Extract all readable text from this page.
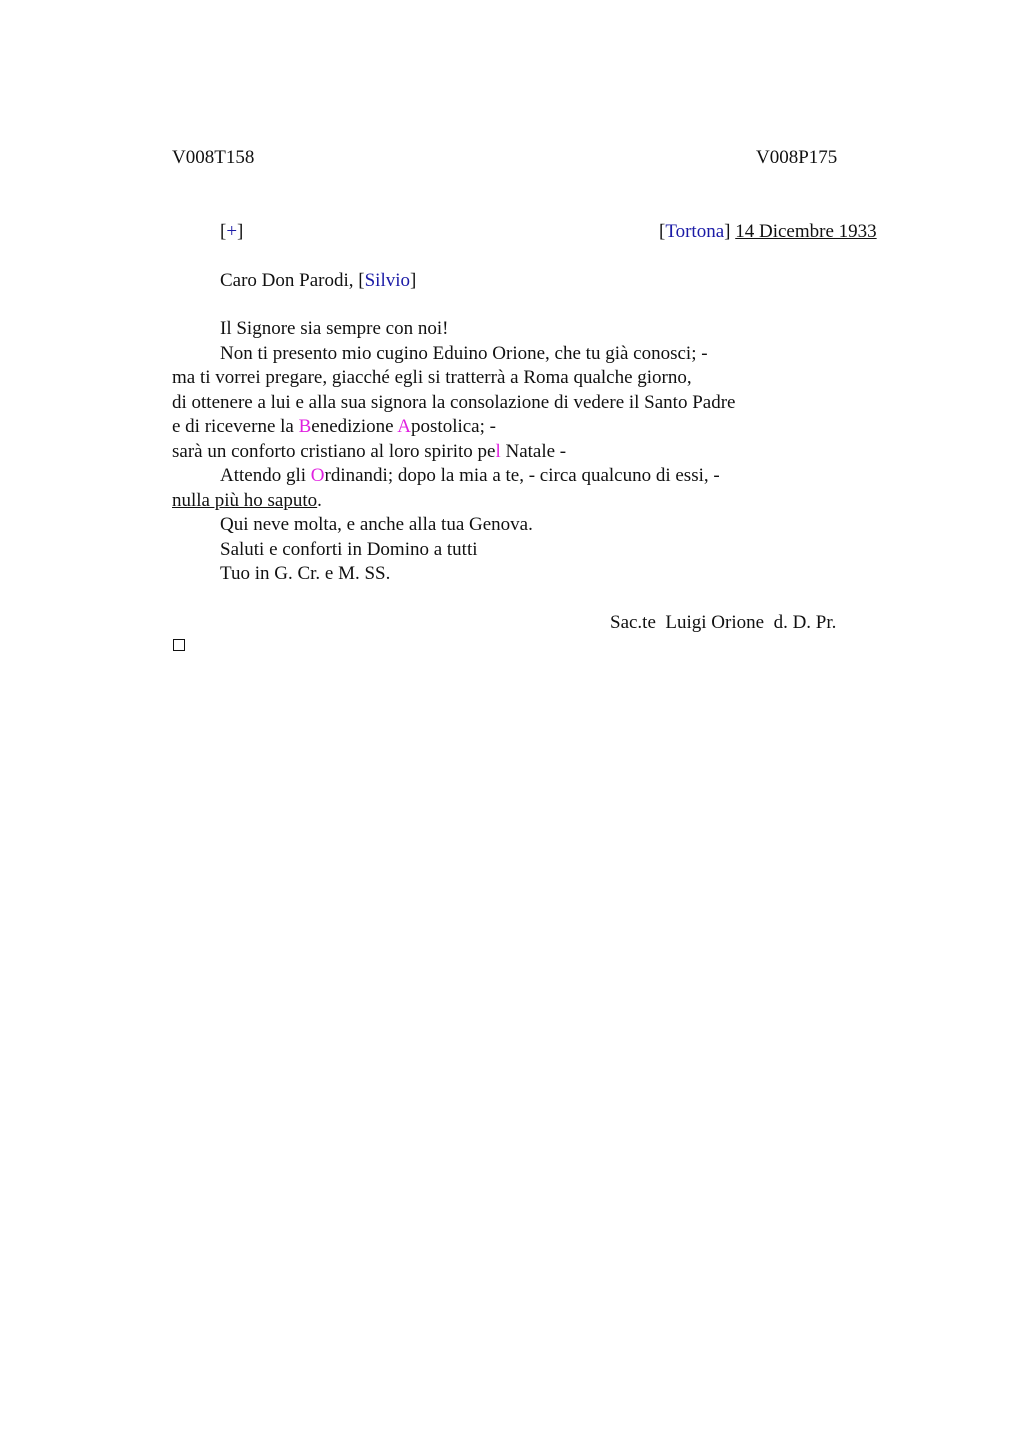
V008T158	V008P175
[+]	[Tortona] 14 Dicembre 1933
Caro Don Parodi, [Silvio]
Il Signore sia sempre con noi!
Non ti presento mio cugino Eduino Orione, che tu già conosci; -
ma ti vorrei pregare, giacché egli si tratterrà a Roma qualche giorno,
di ottenere a lui e alla sua signora la consolazione di vedere il Santo Padre
e di riceverne la Benedizione Apostolica; -
sarà un conforto cristiano al loro spirito pel Natale -
Attendo gli Ordinandi; dopo la mia a te, - circa qualcuno di essi, -
nulla più ho saputo.
Qui neve molta, e anche alla tua Genova.
Saluti e conforti in Domino a tutti
Tuo in G. Cr. e M. SS.
Sac.te  Luigi Orione  d. D. Pr.
